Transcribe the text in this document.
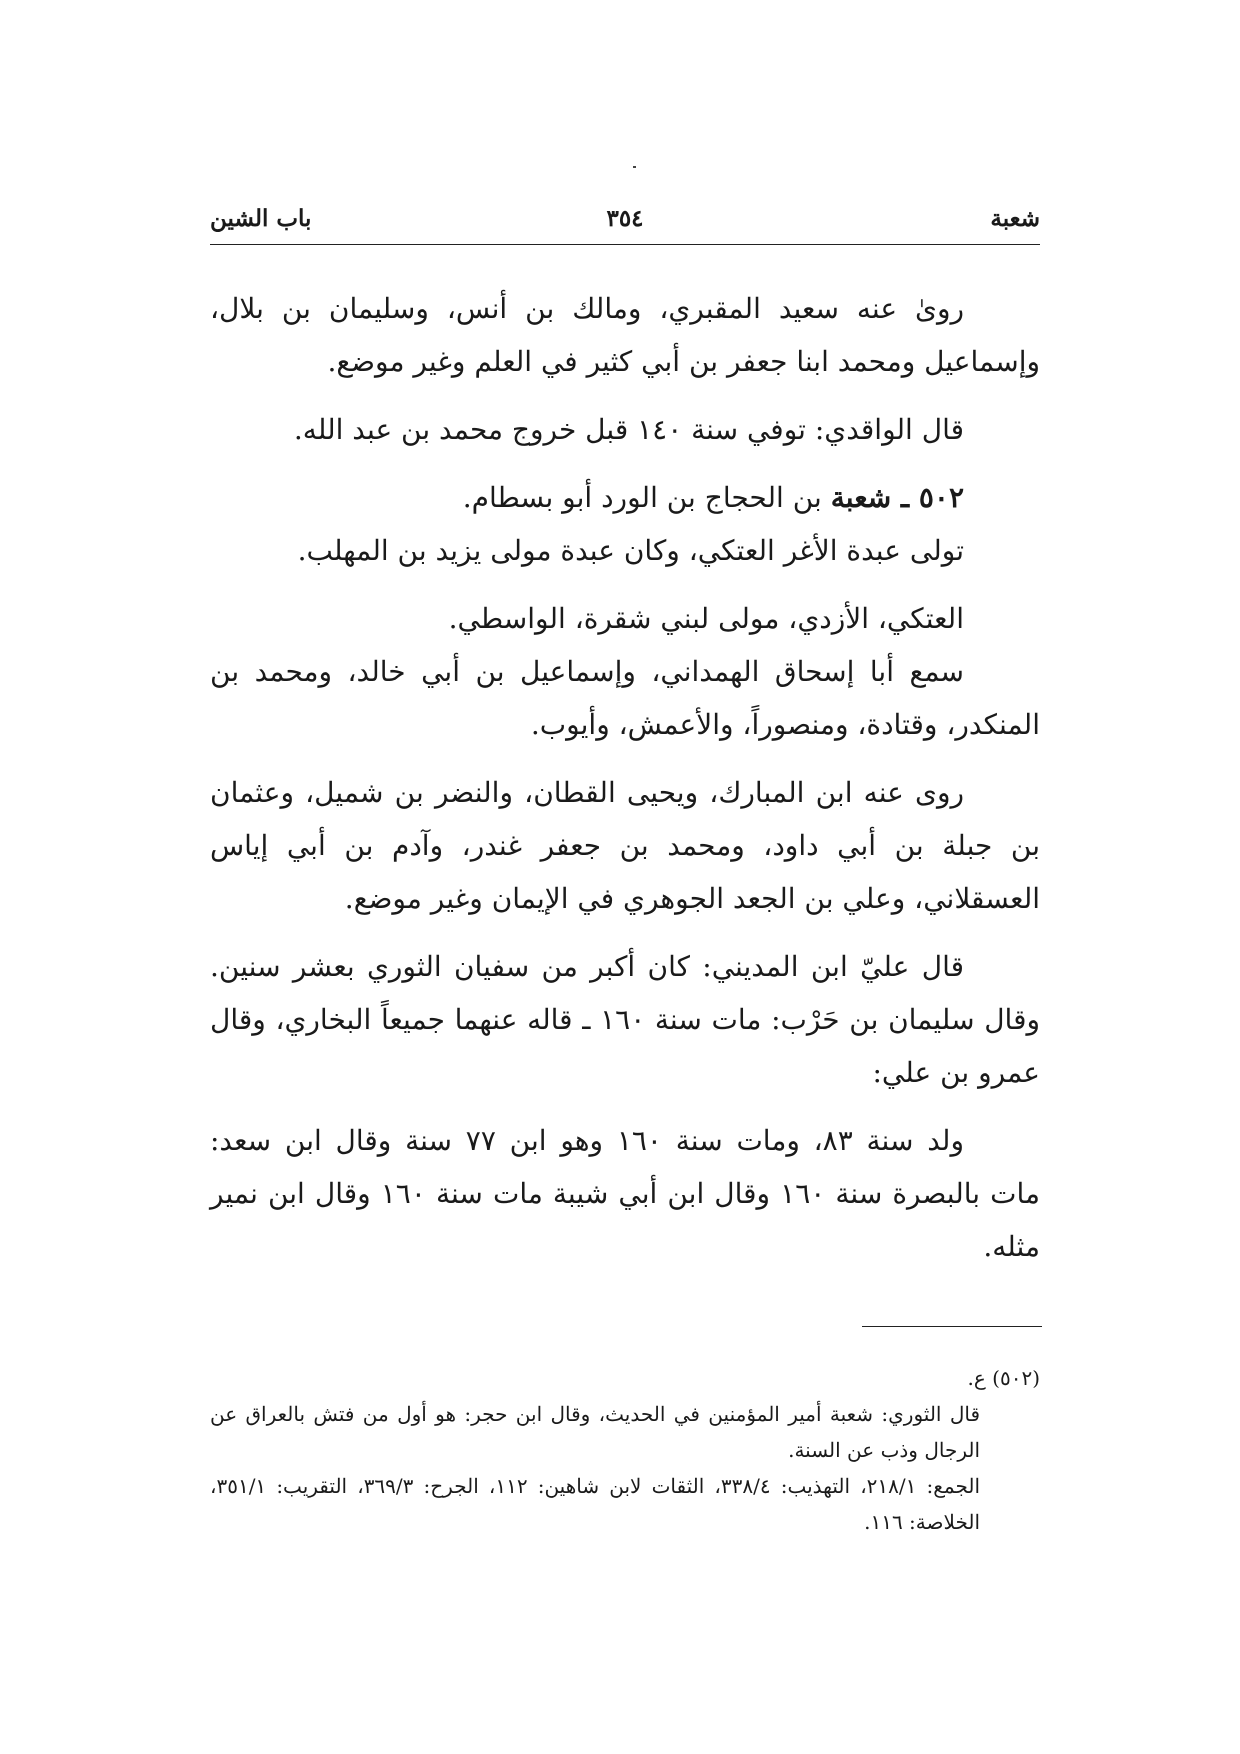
شعبة
٣٥٤
باب الشين

روىٰ عنه سعيد المقبري، ومالك بن أنس، وسليمان بن بلال، وإسماعيل ومحمد ابنا جعفر بن أبي كثير في العلم وغير موضع.

قال الواقدي: توفي سنة ١٤٠ قبل خروج محمد بن عبد الله.

٥٠٢ ـ شعبة بن الحجاج بن الورد أبو بسطام.

تولى عبدة الأغر العتكي، وكان عبدة مولى يزيد بن المهلب.

العتكي، الأزدي، مولى لبني شقرة، الواسطي.

سمع أبا إسحاق الهمداني، وإسماعيل بن أبي خالد، ومحمد بن المنكدر، وقتادة، ومنصوراً، والأعمش، وأيوب.

روى عنه ابن المبارك، ويحيى القطان، والنضر بن شميل، وعثمان بن جبلة بن أبي داود، ومحمد بن جعفر غندر، وآدم بن أبي إياس العسقلاني، وعلي بن الجعد الجوهري في الإيمان وغير موضع.

قال عليّ ابن المديني: كان أكبر من سفيان الثوري بعشر سنين. وقال سليمان بن حَرْب: مات سنة ١٦٠ ـ قاله عنهما جميعاً البخاري، وقال عمرو بن علي:

ولد سنة ٨٣، ومات سنة ١٦٠ وهو ابن ٧٧ سنة وقال ابن سعد: مات بالبصرة سنة ١٦٠ وقال ابن أبي شيبة مات سنة ١٦٠ وقال ابن نمير مثله.

(٥٠٢) ع.

قال الثوري: شعبة أمير المؤمنين في الحديث، وقال ابن حجر: هو أول من فتش بالعراق عن الرجال وذب عن السنة.

الجمع: ٢١٨/١، التهذيب: ٣٣٨/٤، الثقات لابن شاهين: ١١٢، الجرح: ٣٦٩/٣، التقريب: ٣٥١/١، الخلاصة: ١١٦.
